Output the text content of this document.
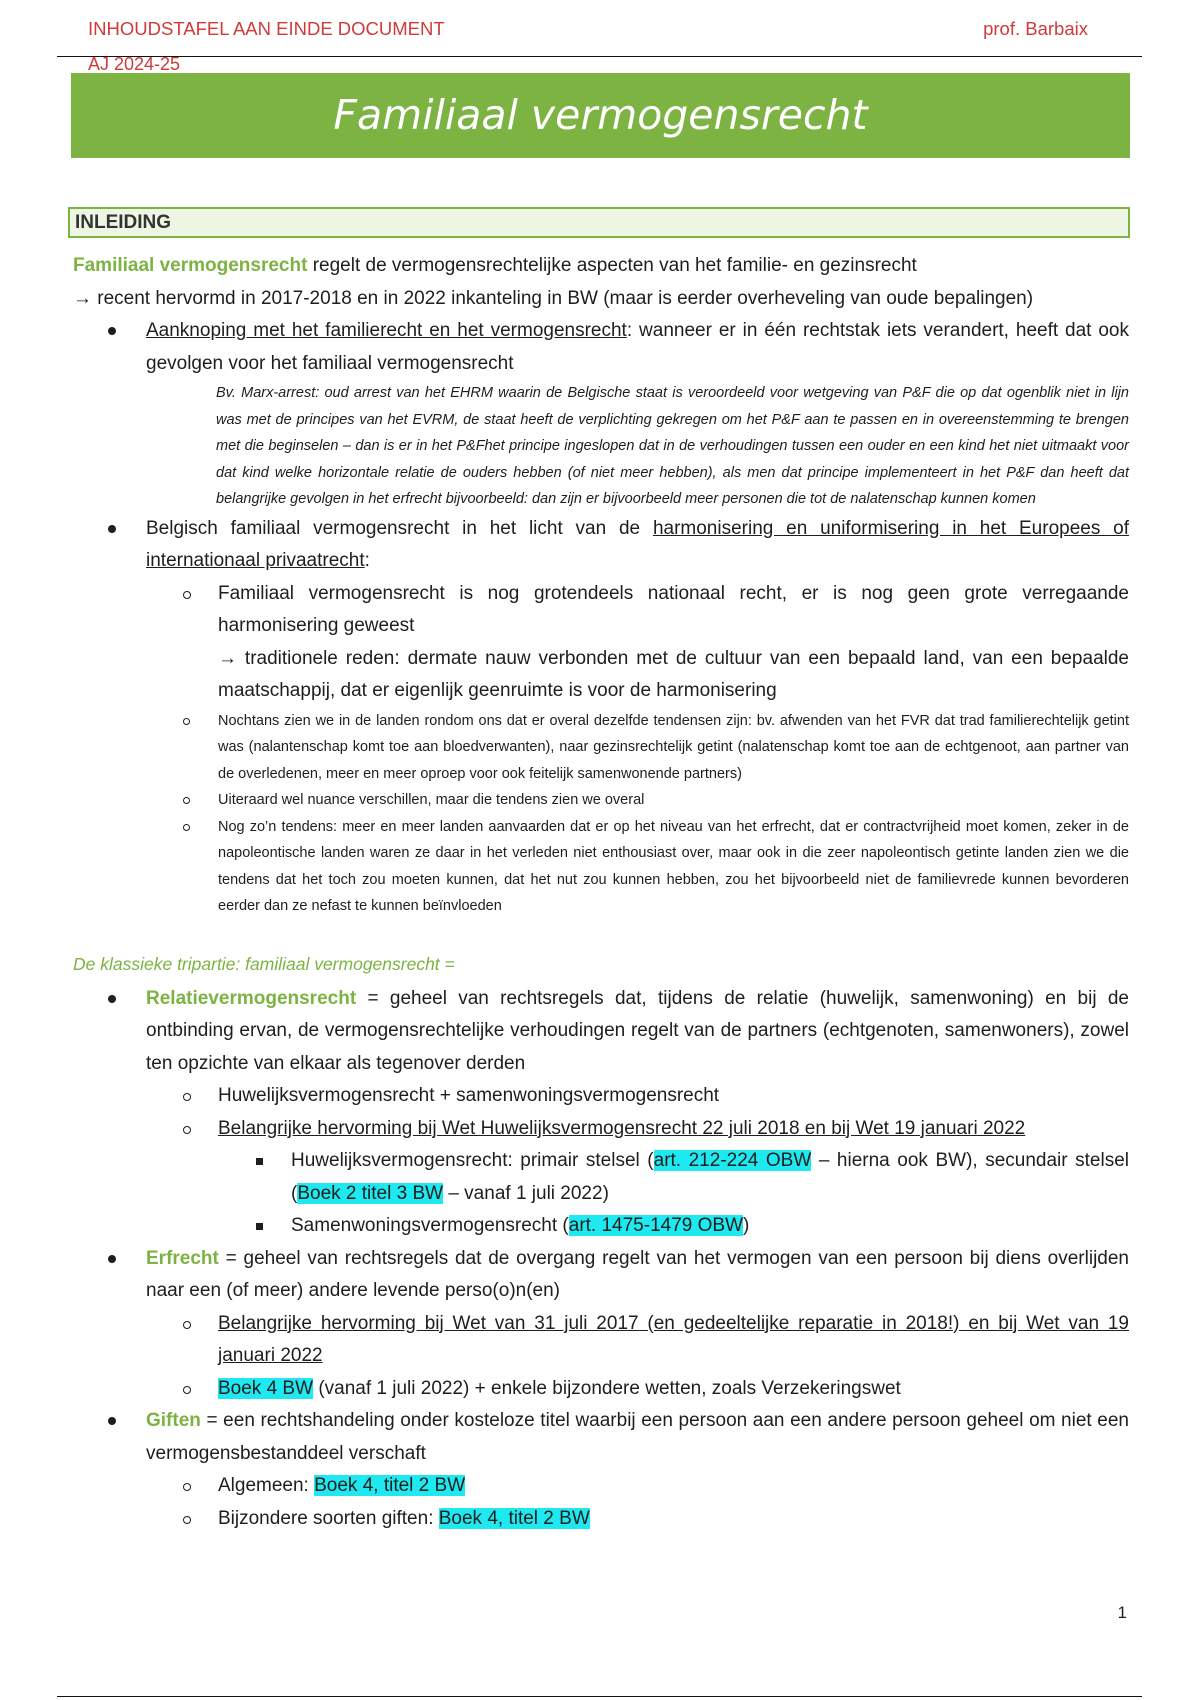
INHOUDSTAFEL AAN EINDE DOCUMENT	prof. Barbaix
AJ 2024-25
Familiaal vermogensrecht
INLEIDING

Familiaal vermogensrecht regelt de vermogensrechtelijke aspecten van het familie- en gezinsrecht

→ recent hervormd in 2017-2018 en in 2022 inkanteling in BW (maar is eerder overheveling van oude bepalingen)

Aanknoping met het familierecht en het vermogensrecht: wanneer er in één rechtstak iets verandert, heeft dat ook gevolgen voor het familiaal vermogensrecht
Bv. Marx-arrest: oud arrest van het EHRM waarin de Belgische staat is veroordeeld voor wetgeving van P&F die op dat ogenblik niet in lijn was met de principes van het EVRM, de staat heeft de verplichting gekregen om het P&F aan te passen en in overeenstemming te brengen met die beginselen – dan is er in het P&Fhet principe ingeslopen dat in de verhoudingen tussen een ouder en een kind het niet uitmaakt voor dat kind welke horizontale relatie de ouders hebben (of niet meer hebben), als men dat principe implementeert in het P&F dan heeft dat belangrijke gevolgen in het erfrecht bijvoorbeeld: dan zijn er bijvoorbeeld meer personen die tot de nalatenschap kunnen komen
Belgisch familiaal vermogensrecht in het licht van de harmonisering en uniformisering in het Europees of internationaal privaatrecht:
Familiaal vermogensrecht is nog grotendeels nationaal recht, er is nog geen grote verregaande harmonisering geweest
→ traditionele reden: dermate nauw verbonden met de cultuur van een bepaald land, van een bepaalde maatschappij, dat er eigenlijk geenruimte is voor de harmonisering
Nochtans zien we in de landen rondom ons dat er overal dezelfde tendensen zijn: bv. afwenden van het FVR dat trad familierechtelijk getint was (nalantenschap komt toe aan bloedverwanten), naar gezinsrechtelijk getint (nalatenschap komt toe aan de echtgenoot, aan partner van de overledenen, meer en meer oproep voor ook feitelijk samenwonende partners)
Uiteraard wel nuance verschillen, maar die tendens zien we overal
Nog zo’n tendens: meer en meer landen aanvaarden dat er op het niveau van het erfrecht, dat er contractvrijheid moet komen, zeker in de napoleontische landen waren ze daar in het verleden niet enthousiast over, maar ook in die zeer napoleontisch getinte landen zien we die tendens dat het toch zou moeten kunnen, dat het nut zou kunnen hebben, zou het bijvoorbeeld niet de familievrede kunnen bevorderen eerder dan ze nefast te kunnen beïnvloeden

De klassieke tripartie: familiaal vermogensrecht =

Relatievermogensrecht = geheel van rechtsregels dat, tijdens de relatie (huwelijk, samenwoning) en bij de ontbinding ervan, de vermogensrechtelijke verhoudingen regelt van de partners (echtgenoten, samenwoners), zowel ten opzichte van elkaar als tegenover derden
Huwelijksvermogensrecht + samenwoningsvermogensrecht
Belangrijke hervorming bij Wet Huwelijksvermogensrecht 22 juli 2018 en bij Wet 19 januari 2022
Huwelijksvermogensrecht: primair stelsel (art. 212-224 OBW – hierna ook BW), secundair stelsel (Boek 2 titel 3 BW – vanaf 1 juli 2022)
Samenwoningsvermogensrecht (art. 1475-1479 OBW)
Erfrecht = geheel van rechtsregels dat de overgang regelt van het vermogen van een persoon bij diens overlijden naar een (of meer) andere levende perso(o)n(en)
Belangrijke hervorming bij Wet van 31 juli 2017 (en gedeeltelijke reparatie in 2018!) en bij Wet van 19 januari 2022
Boek 4 BW (vanaf 1 juli 2022) + enkele bijzondere wetten, zoals Verzekeringswet
Giften = een rechtshandeling onder kosteloze titel waarbij een persoon aan een andere persoon geheel om niet een vermogensbestanddeel verschaft
Algemeen: Boek 4, titel 2 BW
Bijzondere soorten giften: Boek 4, titel 2 BW
1
